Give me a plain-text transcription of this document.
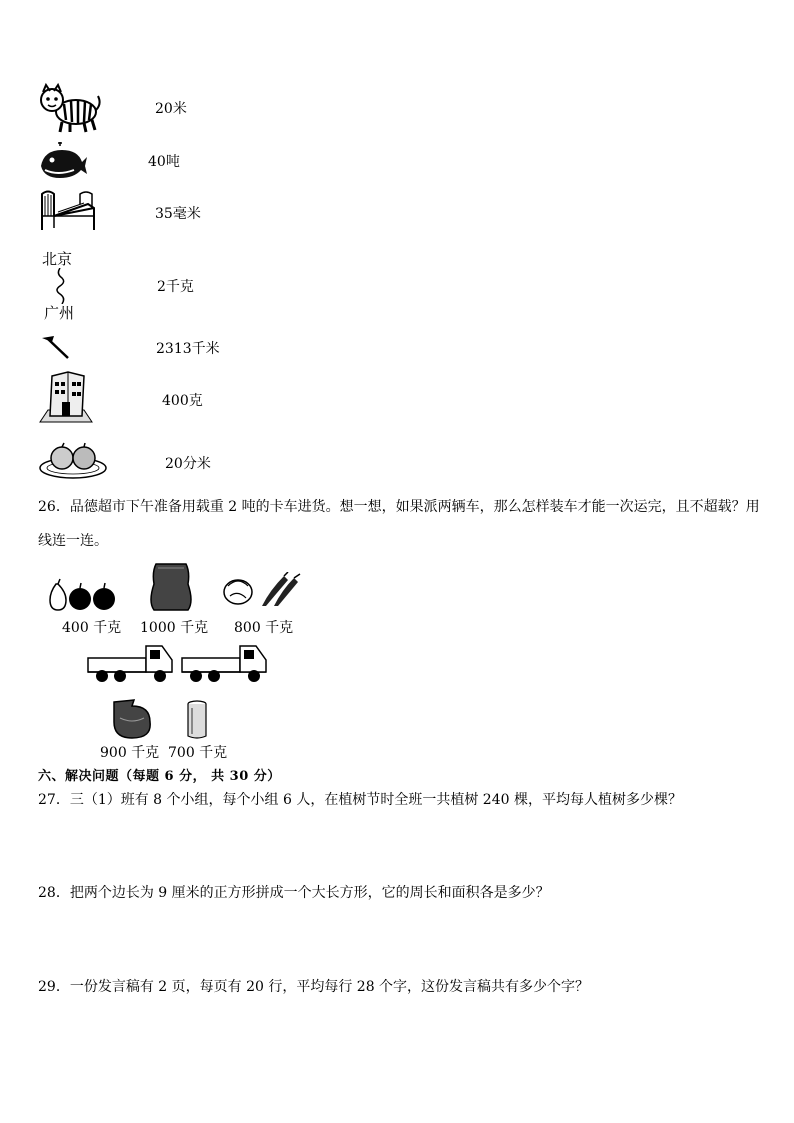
20米
40吨
35毫米
北京
广州
2千克
2313千米
400克
20分米
26．品德超市下午准备用载重 2 吨的卡车进货。想一想，如果派两辆车，那么怎样装车才能一次运完，且不超载？用
线连一连。
400 千克 1000 千克 800 千克
900 千克 700 千克
六、解决问题（每题 6 分， 共 30 分）
27．三（1）班有 8 个小组，每个小组 6 人，在植树节时全班一共植树 240 棵，平均每人植树多少棵？
28．把两个边长为 9 厘米的正方形拼成一个大长方形，它的周长和面积各是多少？
29．一份发言稿有 2 页，每页有 20 行，平均每行 28 个字，这份发言稿共有多少个字？
